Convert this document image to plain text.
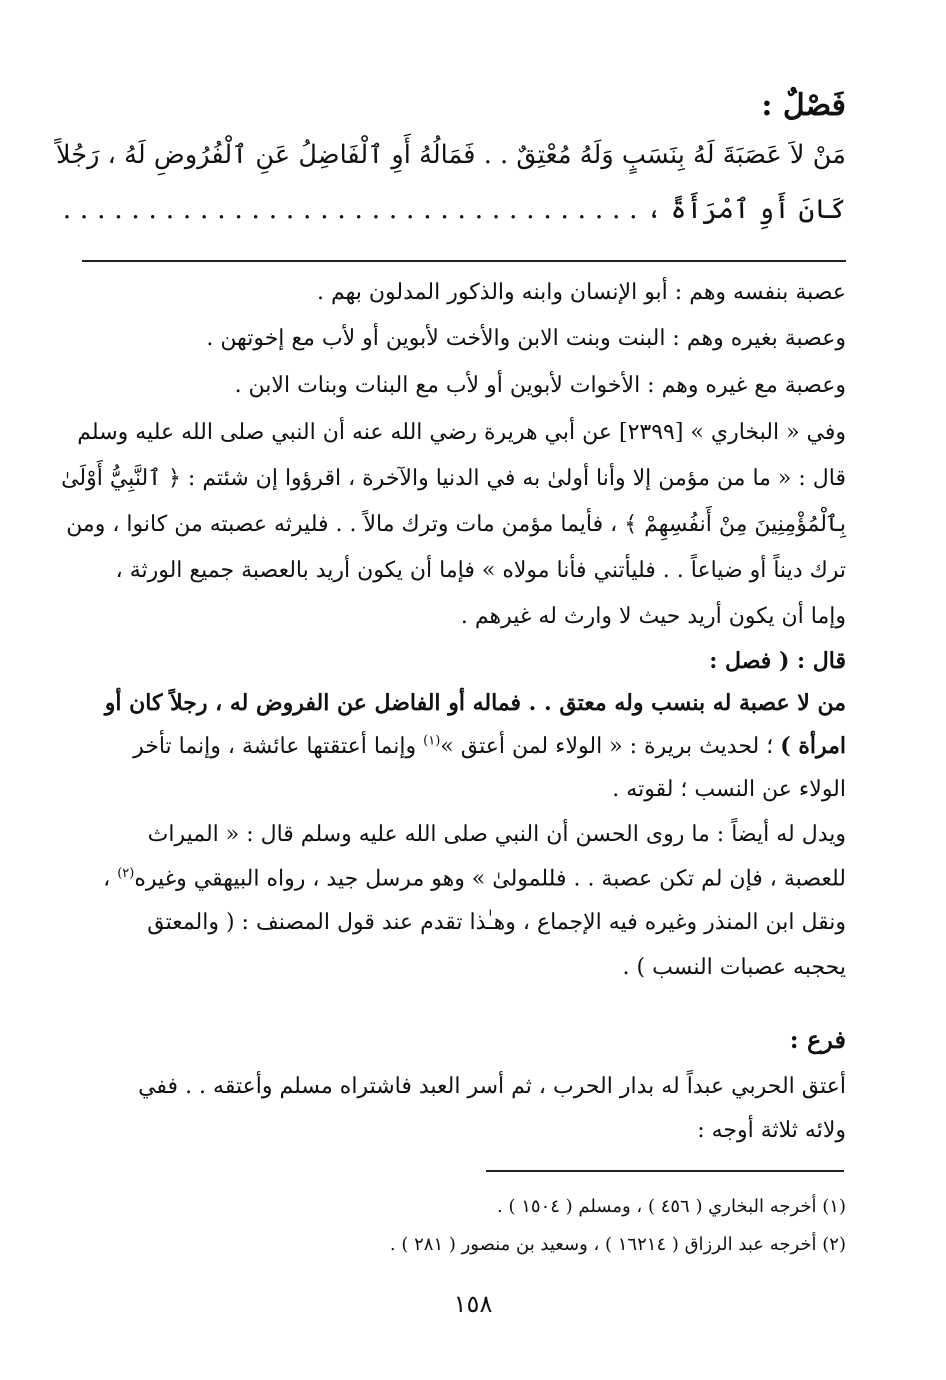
فَصْلٌ :
مَنْ لاَ عَصَبَةَ لَهُ بِنَسَبٍ وَلَهُ مُعْتِقٌ . . فَمَالُهُ أَوِ ٱلْفَاضِلُ عَنِ ٱلْفُرُوضِ لَهُ ، رَجُلاً
كَانَ أَوِ ٱمْرَأَةً ، . . . . . . . . . . . . . . . . . . . . . . . . . . . . . . . . . .
عصبة بنفسه وهم : أبو الإنسان وابنه والذكور المدلون بهم .
وعصبة بغيره وهم : البنت وبنت الابن والأخت لأبوين أو لأب مع إخوتهن .
وعصبة مع غيره وهم : الأخوات لأبوين أو لأب مع البنات وبنات الابن .
وفي « البخاري » [٢٣٩٩] عن أبي هريرة رضي الله عنه أن النبي صلى الله عليه وسلم
قال : « ما من مؤمن إلا وأنا أولىٰ به في الدنيا والآخرة ، اقرؤوا إن شئتم : ﴿ ٱلنَّبِيُّ أَوْلَىٰ
بِٱلْمُؤْمِنِينَ مِنْ أَنفُسِهِمْ ﴾ ، فأيما مؤمن مات وترك مالاً . . فليرثه عصبته من كانوا ، ومن
ترك ديناً أو ضياعاً . . فليأتني فأنا مولاه » فإما أن يكون أريد بالعصبة جميع الورثة ،
وإما أن يكون أريد حيث لا وارث له غيرهم .
قال : ( فصل :
من لا عصبة له بنسب وله معتق . . فماله أو الفاضل عن الفروض له ، رجلاً كان أو
امرأة ) ؛ لحديث بريرة : « الولاء لمن أعتق »$^{(١)}$ وإنما أعتقتها عائشة ، وإنما تأخر
الولاء عن النسب ؛ لقوته .
ويدل له أيضاً : ما روى الحسن أن النبي صلى الله عليه وسلم قال : « الميراث
للعصبة ، فإن لم تكن عصبة . . فللمولىٰ » وهو مرسل جيد ، رواه البيهقي وغيره$^{(٢)}$ ،
ونقل ابن المنذر وغيره فيه الإجماع ، وهـٰذا تقدم عند قول المصنف : ( والمعتق
يحجبه عصبات النسب ) .
فرع :
أعتق الحربي عبداً له بدار الحرب ، ثم أسر العبد فاشتراه مسلم وأعتقه . . ففي
ولائه ثلاثة أوجه :
(١) أخرجه البخاري ( ٤٥٦ ) ، ومسلم ( ١٥٠٤ ) .
(٢) أخرجه عبد الرزاق ( ١٦٢١٤ ) ، وسعيد بن منصور ( ٢٨١ ) .
١٥٨
